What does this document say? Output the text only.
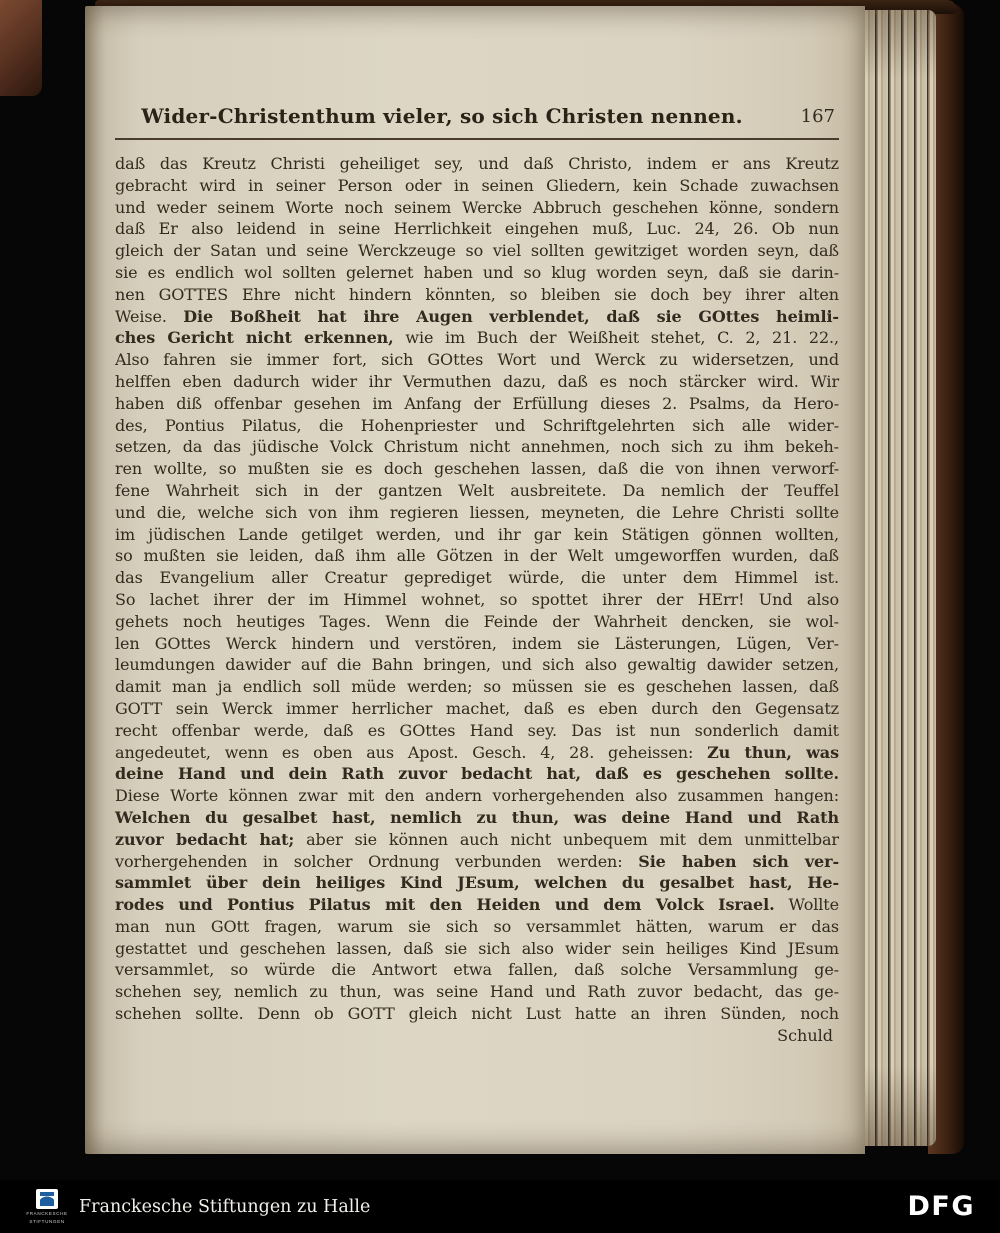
Wider-Christenthum vieler, so sich Christen nennen.	167
daß das Kreutz Christi geheiliget sey, und daß Christo, indem er ans Kreutz
gebracht wird in seiner Person oder in seinen Gliedern, kein Schade zuwachsen
und weder seinem Worte noch seinem Wercke Abbruch geschehen könne, sondern
daß Er also leidend in seine Herrlichkeit eingehen muß, Luc. 24, 26. Ob nun
gleich der Satan und seine Werckzeuge so viel sollten gewitziget worden seyn, daß
sie es endlich wol sollten gelernet haben und so klug worden seyn, daß sie darin-
nen GOTTES Ehre nicht hindern könnten, so bleiben sie doch bey ihrer alten
Weise. Die Boßheit hat ihre Augen verblendet, daß sie GOttes heimli-
ches Gericht nicht erkennen, wie im Buch der Weißheit stehet, C. 2, 21. 22.,
Also fahren sie immer fort, sich GOttes Wort und Werck zu widersetzen, und
helffen eben dadurch wider ihr Vermuthen dazu, daß es noch stärcker wird. Wir
haben diß offenbar gesehen im Anfang der Erfüllung dieses 2. Psalms, da Hero-
des, Pontius Pilatus, die Hohenpriester und Schriftgelehrten sich alle wider-
setzen, da das jüdische Volck Christum nicht annehmen, noch sich zu ihm bekeh-
ren wollte, so mußten sie es doch geschehen lassen, daß die von ihnen verworf-
fene Wahrheit sich in der gantzen Welt ausbreitete. Da nemlich der Teuffel
und die, welche sich von ihm regieren liessen, meyneten, die Lehre Christi sollte
im jüdischen Lande getilget werden, und ihr gar kein Stätigen gönnen wollten,
so mußten sie leiden, daß ihm alle Götzen in der Welt umgeworffen wurden, daß
das Evangelium aller Creatur geprediget würde, die unter dem Himmel ist.
So lachet ihrer der im Himmel wohnet, so spottet ihrer der HErr! Und also
gehets noch heutiges Tages. Wenn die Feinde der Wahrheit dencken, sie wol-
len GOttes Werck hindern und verstören, indem sie Lästerungen, Lügen, Ver-
leumdungen dawider auf die Bahn bringen, und sich also gewaltig dawider setzen,
damit man ja endlich soll müde werden; so müssen sie es geschehen lassen, daß
GOTT sein Werck immer herrlicher machet, daß es eben durch den Gegensatz
recht offenbar werde, daß es GOttes Hand sey. Das ist nun sonderlich damit
angedeutet, wenn es oben aus Apost. Gesch. 4, 28. geheissen: Zu thun, was
deine Hand und dein Rath zuvor bedacht hat, daß es geschehen sollte.
Diese Worte können zwar mit den andern vorhergehenden also zusammen hangen:
Welchen du gesalbet hast, nemlich zu thun, was deine Hand und Rath
zuvor bedacht hat; aber sie können auch nicht unbequem mit dem unmittelbar
vorhergehenden in solcher Ordnung verbunden werden: Sie haben sich ver-
sammlet über dein heiliges Kind JEsum, welchen du gesalbet hast, He-
rodes und Pontius Pilatus mit den Heiden und dem Volck Israel. Wollte
man nun GOtt fragen, warum sie sich so versammlet hätten, warum er das
gestattet und geschehen lassen, daß sie sich also wider sein heiliges Kind JEsum
versammlet, so würde die Antwort etwa fallen, daß solche Versammlung ge-
schehen sey, nemlich zu thun, was seine Hand und Rath zuvor bedacht, das ge-
schehen sollte. Denn ob GOTT gleich nicht Lust hatte an ihren Sünden, noch
Schuld
FRANCKESCHE
STIFTUNGEN
Franckesche Stiftungen zu Halle	DFG
